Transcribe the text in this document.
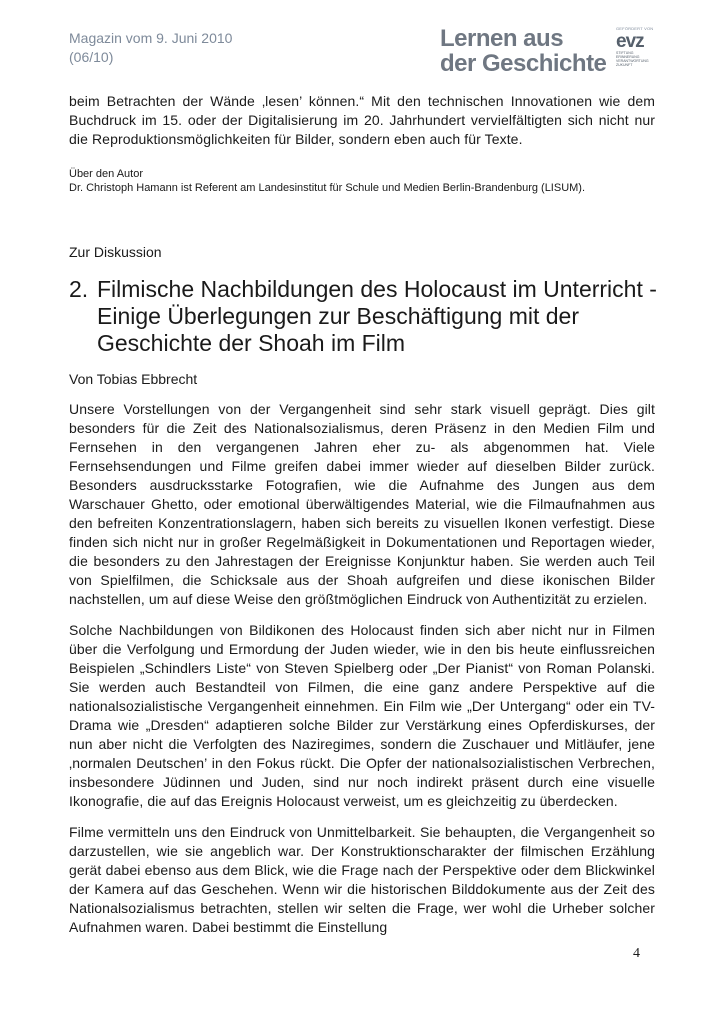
Magazin vom 9. Juni 2010
(06/10)
Lernen aus
der Geschichte
GEFÖRDERT VON
evz
STIFTUNG
ERINNERUNG
VERANTWORTUNG
ZUKUNFT

beim Betrachten der Wände ‚lesen’ können.“ Mit den technischen Innovationen wie dem Buchdruck im 15. oder der Digitalisierung im 20. Jahrhundert vervielfältigten sich nicht nur die Reproduktionsmöglichkeiten für Bilder, sondern eben auch für Texte.

Über den Autor
Dr. Christoph Hamann ist Referent am Landesinstitut für Schule und Medien Berlin-Brandenburg (LISUM).
Zur Diskussion
2. Filmische Nachbildungen des Holocaust im Unterricht -
Einige Überlegungen zur Beschäftigung mit der
Geschichte der Shoah im Film
Von Tobias Ebbrecht

Unsere Vorstellungen von der Vergangenheit sind sehr stark visuell geprägt. Dies gilt besonders für die Zeit des Nationalsozialismus, deren Präsenz in den Medien Film und Fernsehen in den vergangenen Jahren eher zu- als abgenommen hat. Viele Fernsehsendungen und Filme greifen dabei immer wieder auf dieselben Bilder zurück. Besonders ausdrucksstarke Fotografien, wie die Aufnahme des Jungen aus dem Warschauer Ghetto, oder emotional überwältigendes Material, wie die Filmaufnahmen aus den befreiten Konzentrationslagern, haben sich bereits zu visuellen Ikonen verfestigt. Diese finden sich nicht nur in großer Regelmäßigkeit in Dokumentationen und Reportagen wieder, die besonders zu den Jahrestagen der Ereignisse Konjunktur haben. Sie werden auch Teil von Spielfilmen, die Schicksale aus der Shoah aufgreifen und diese ikonischen Bilder nachstellen, um auf diese Weise den größtmöglichen Eindruck von Authentizität zu erzielen.

Solche Nachbildungen von Bildikonen des Holocaust finden sich aber nicht nur in Filmen über die Verfolgung und Ermordung der Juden wieder, wie in den bis heute einflussreichen Beispielen „Schindlers Liste“ von Steven Spielberg oder „Der Pianist“ von Roman Polanski. Sie werden auch Bestandteil von Filmen, die eine ganz andere Perspektive auf die nationalsozialistische Vergangenheit einnehmen. Ein Film wie „Der Untergang“ oder ein TV-Drama wie „Dresden“ adaptieren solche Bilder zur Verstärkung eines Opferdiskurses, der nun aber nicht die Verfolgten des Naziregimes, sondern die Zuschauer und Mitläufer, jene ‚normalen Deutschen’ in den Fokus rückt. Die Opfer der nationalsozialistischen Verbrechen, insbesondere Jüdinnen und Juden, sind nur noch indirekt präsent durch eine visuelle Ikonografie, die auf das Ereignis Holocaust verweist, um es gleichzeitig zu überdecken.

Filme vermitteln uns den Eindruck von Unmittelbarkeit. Sie behaupten, die Vergangenheit so darzustellen, wie sie angeblich war. Der Konstruktionscharakter der filmischen Erzählung gerät dabei ebenso aus dem Blick, wie die Frage nach der Perspektive oder dem Blickwinkel der Kamera auf das Geschehen. Wenn wir die historischen Bilddokumente aus der Zeit des Nationalsozialismus betrachten, stellen wir selten die Frage, wer wohl die Urheber solcher Aufnahmen waren. Dabei bestimmt die Einstellung

4
